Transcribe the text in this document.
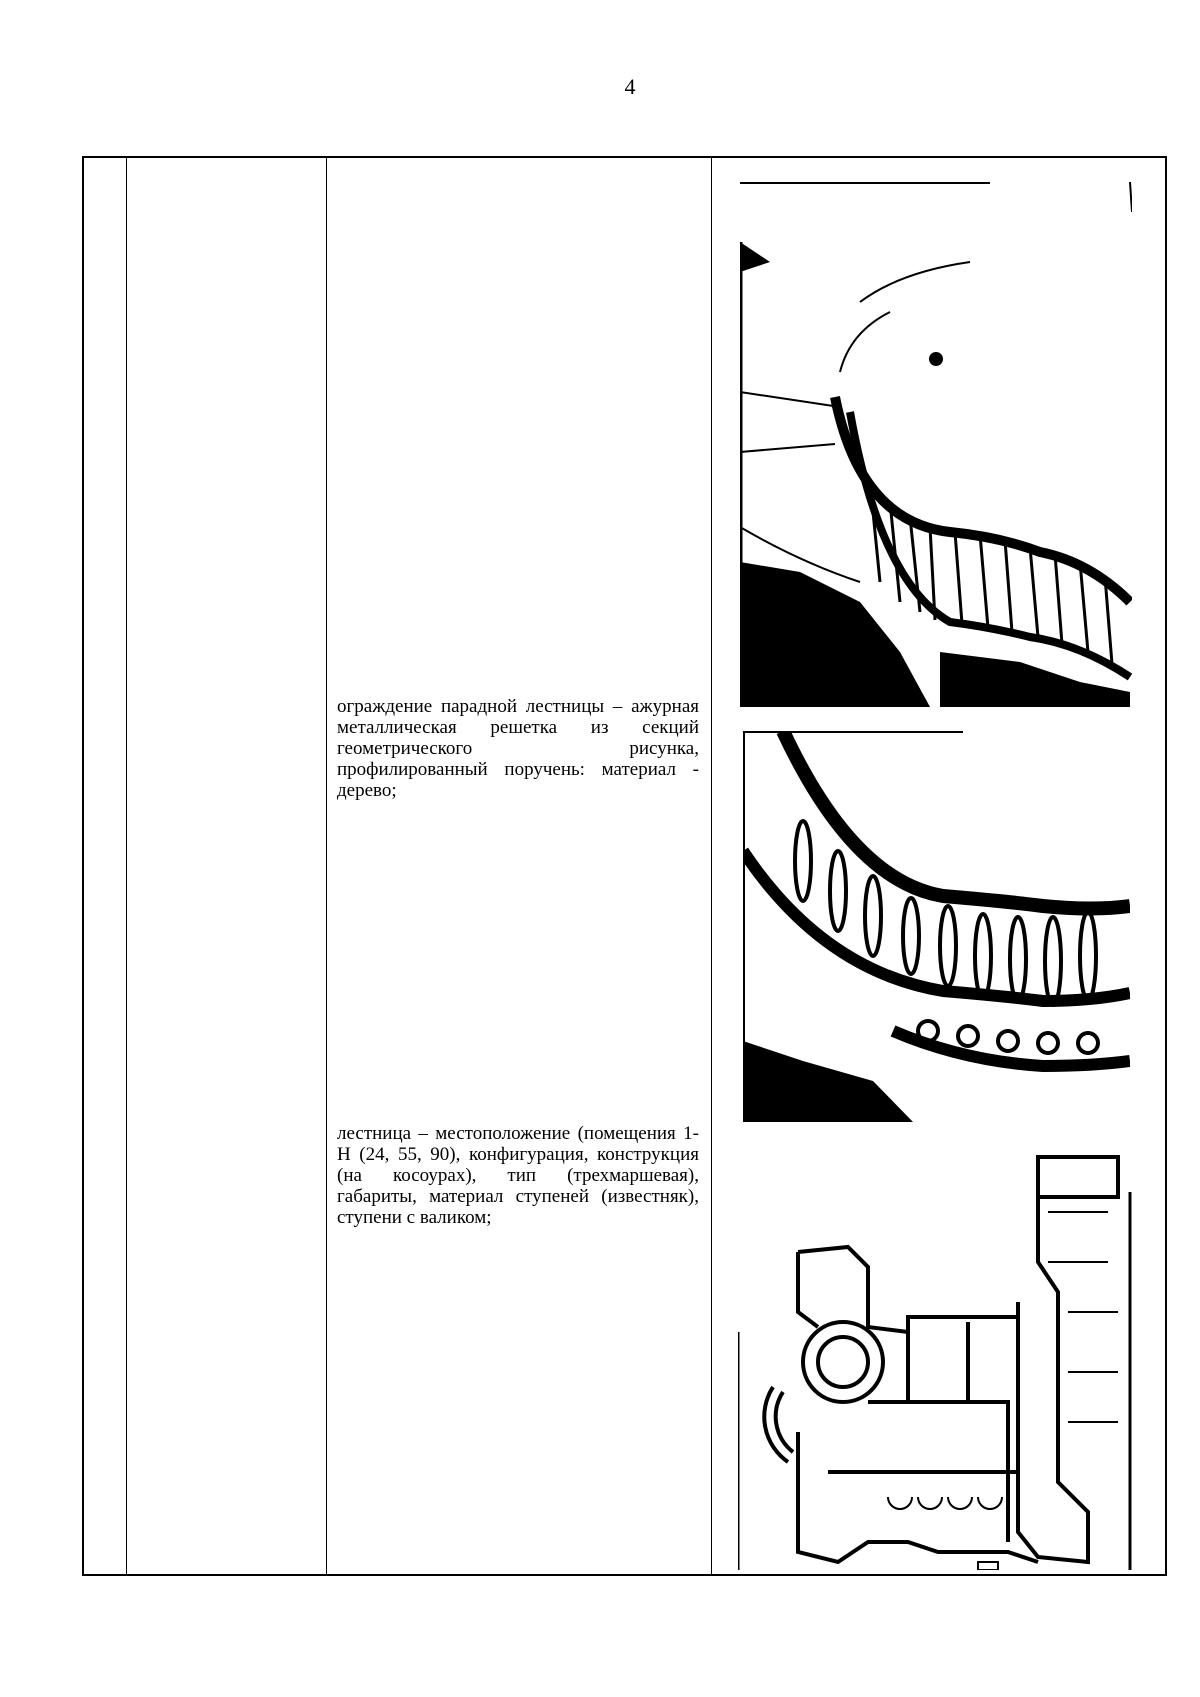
4
ограждение парадной лестницы – ажурная металлическая решетка из секций геометрического рисунка, профилированный поручень: материал - дерево;
лестница – местоположение (помещения 1-Н (24, 55, 90), конфигурация, конструкция (на косоурах), тип (трехмаршевая), габариты, материал ступеней (известняк), ступени с валиком;
